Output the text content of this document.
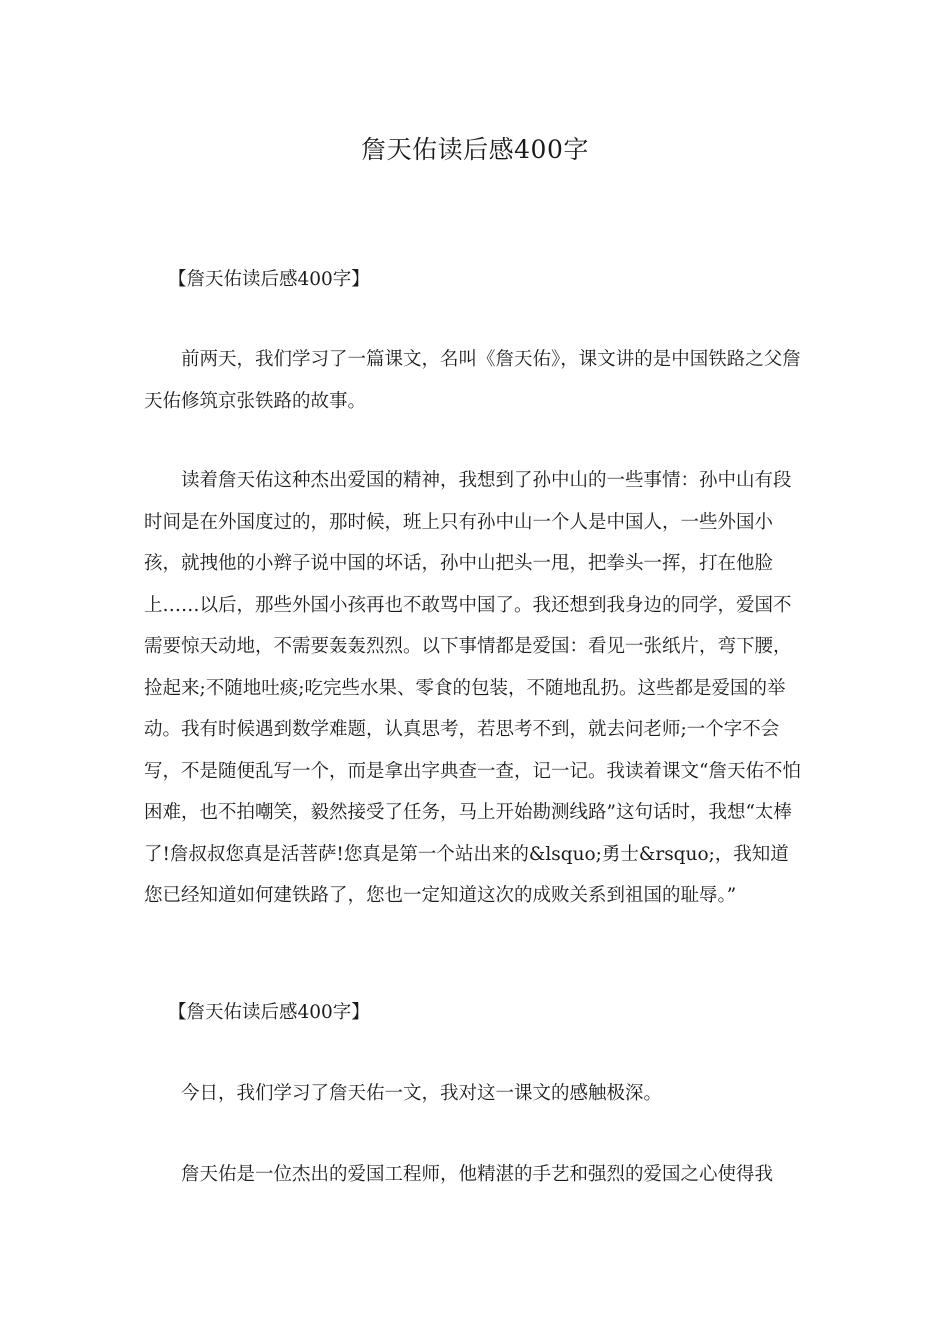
詹天佑读后感400字
【詹天佑读后感400字】

前两天，我们学习了一篇课文，名叫《詹天佑》，课文讲的是中国铁路之父詹天佑修筑京张铁路的故事。

读着詹天佑这种杰出爱国的精神，我想到了孙中山的一些事情：孙中山有段时间是在外国度过的，那时候，班上只有孙中山一个人是中国人，一些外国小孩，就拽他的小辫子说中国的坏话，孙中山把头一甩，把拳头一挥，打在他脸上……以后，那些外国小孩再也不敢骂中国了。我还想到我身边的同学，爱国不需要惊天动地，不需要轰轰烈烈。以下事情都是爱国：看见一张纸片，弯下腰，捡起来;不随地吐痰;吃完些水果、零食的包装，不随地乱扔。这些都是爱国的举动。我有时候遇到数学难题，认真思考，若思考不到，就去问老师;一个字不会写，不是随便乱写一个，而是拿出字典查一查，记一记。我读着课文“詹天佑不怕困难，也不拍嘲笑，毅然接受了任务，马上开始勘测线路”这句话时，我想“太棒了!詹叔叔您真是活菩萨!您真是第一个站出来的&lsquo;勇士&rsquo;，我知道您已经知道如何建铁路了，您也一定知道这次的成败关系到祖国的耻辱。”

【詹天佑读后感400字】

今日，我们学习了詹天佑一文，我对这一课文的感触极深。

詹天佑是一位杰出的爱国工程师，他精湛的手艺和强烈的爱国之心使得我
